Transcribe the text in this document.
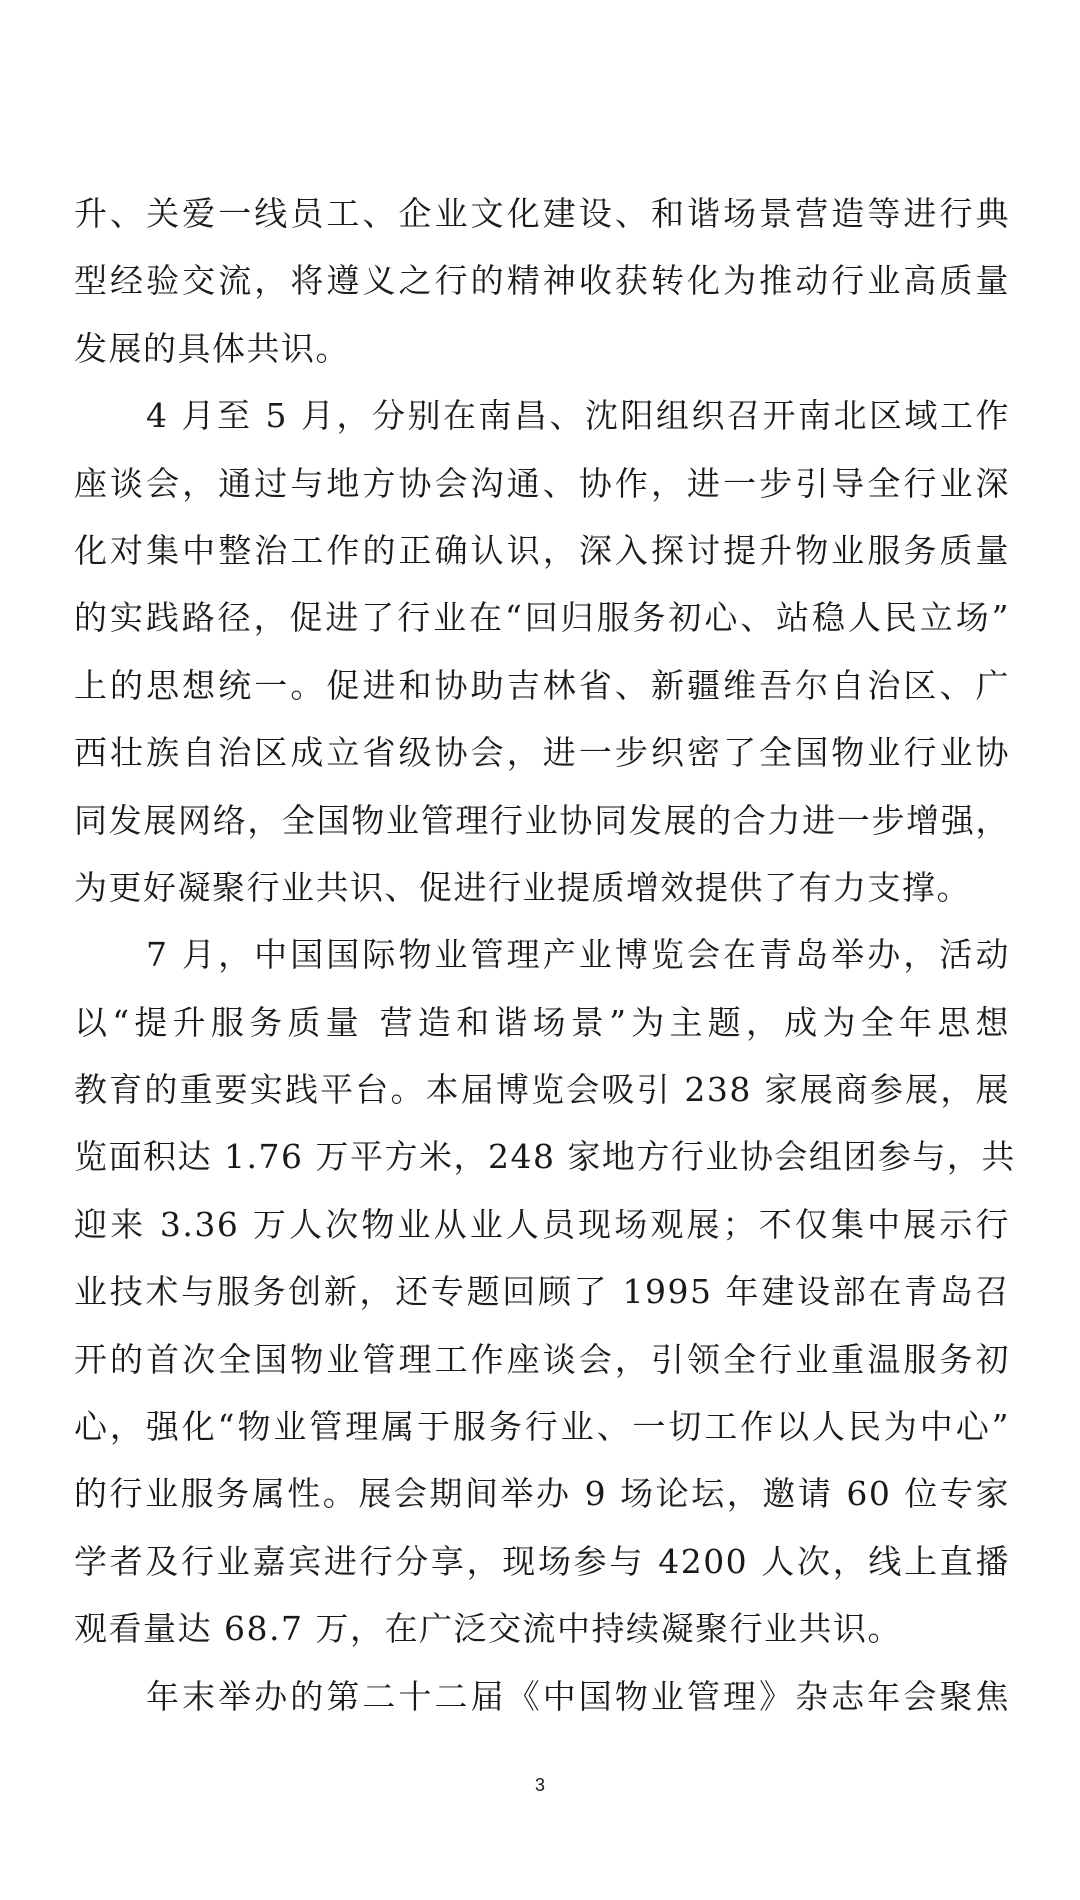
升、关爱一线员工、企业文化建设、和谐场景营造等进行典
型经验交流，将遵义之行的精神收获转化为推动行业高质量
发展的具体共识。
4 月至 5 月，分别在南昌、沈阳组织召开南北区域工作
座谈会，通过与地方协会沟通、协作，进一步引导全行业深
化对集中整治工作的正确认识，深入探讨提升物业服务质量
的实践路径，促进了行业在“回归服务初心、站稳人民立场”
上的思想统一。促进和协助吉林省、新疆维吾尔自治区、广
西壮族自治区成立省级协会，进一步织密了全国物业行业协
同发展网络，全国物业管理行业协同发展的合力进一步增强，
为更好凝聚行业共识、促进行业提质增效提供了有力支撑。
7 月，中国国际物业管理产业博览会在青岛举办，活动
以“提升服务质量 营造和谐场景”为主题，成为全年思想
教育的重要实践平台。本届博览会吸引 238 家展商参展，展
览面积达 1.76 万平方米，248 家地方行业协会组团参与，共
迎来 3.36 万人次物业从业人员现场观展；不仅集中展示行
业技术与服务创新，还专题回顾了 1995 年建设部在青岛召
开的首次全国物业管理工作座谈会，引领全行业重温服务初
心，强化“物业管理属于服务行业、一切工作以人民为中心”
的行业服务属性。展会期间举办 9 场论坛，邀请 60 位专家
学者及行业嘉宾进行分享，现场参与 4200 人次，线上直播
观看量达 68.7 万，在广泛交流中持续凝聚行业共识。
年末举办的第二十二届《中国物业管理》杂志年会聚焦
3
